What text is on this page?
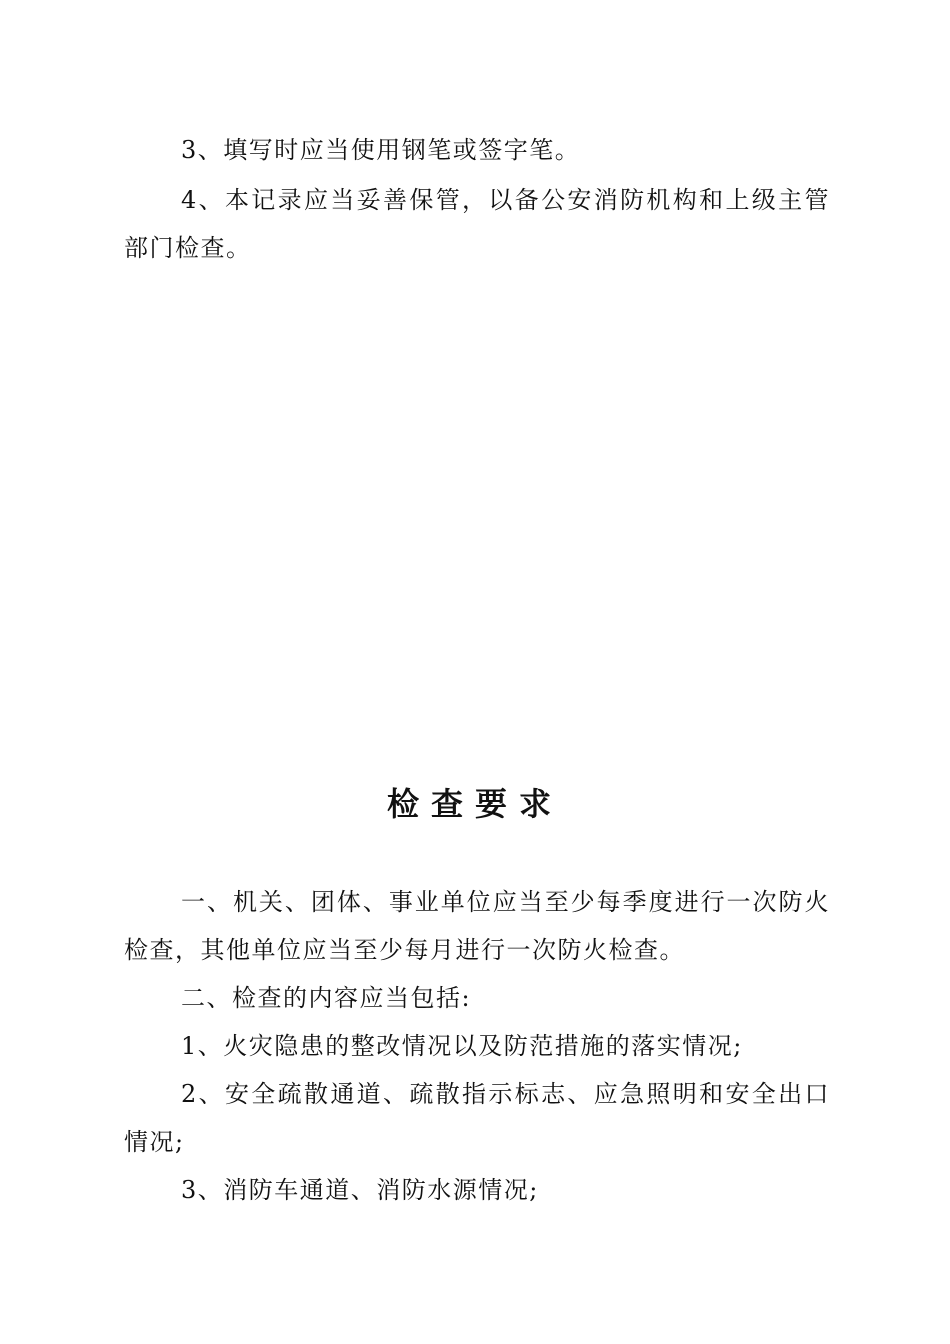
3、填写时应当使用钢笔或签字笔。

4、本记录应当妥善保管，以备公安消防机构和上级主管部门检查。

检查要求

一、机关、团体、事业单位应当至少每季度进行一次防火检查，其他单位应当至少每月进行一次防火检查。

二、检查的内容应当包括:

1、火灾隐患的整改情况以及防范措施的落实情况;

2、安全疏散通道、疏散指示标志、应急照明和安全出口情况;

3、消防车通道、消防水源情况;
